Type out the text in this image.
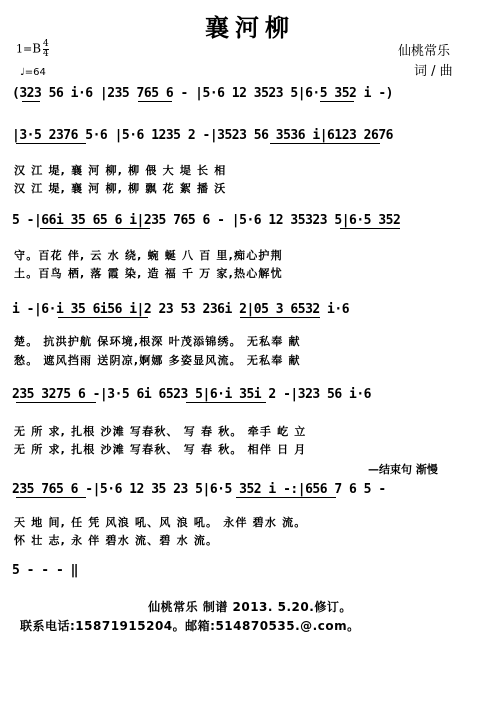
襄河柳
$1=B \frac{4}{4}$
♩=64
仙桃常乐
词 / 曲
(323 56 i·6 |235 765 6 - |5·6 12 3523 5|6·5 352 i -)
|3·5 2376 5·6 |5·6 1235 2 -|3523 56 3536 i|6123 2676
汉 江 堤, 襄 河 柳, 柳 偎 大 堤 长 相
汉 江 堤, 襄 河 柳, 柳 飘 花 絮 播 沃
5 -|66i 35 65 6 i|235 765 6 - |5·6 12 35323 5|6·5 352
守。百花 伴, 云 水 绕, 蜿 蜒 八 百 里,痴心护荆
土。百鸟 栖, 落 霞 染, 造 福 千 万 家,热心解忧
i -|6·i 35 6i56 i|2 23 53 236i 2|05 3 6532 i·6
楚。 抗洪护航 保环境,根深 叶茂添锦绣。 无私奉 献
愁。 遮风挡雨 送阴凉,婀娜 多姿显风流。 无私奉 献
235 3275 6 -|3·5 6i 6523 5|6·i 35i 2 -|323 56 i·6
无 所 求, 扎根 沙滩 写春秋、 写 春 秋。 牵手 屹 立
无 所 求, 扎根 沙滩 写春秋、 写 春 秋。 相伴 日 月
—结束句 渐慢
235 765 6 -|5·6 12 35 23 5|6·5 352 i -:|656 7 6 5 -
天 地 间, 任 凭 风浪 吼、风 浪 吼。 永伴 碧水 流。
怀 壮 志, 永 伴 碧水 流、碧 水 流。
5 - - - ‖
仙桃常乐 制谱 2013. 5.20.修订。
联系电话:15871915204。邮箱:514870535.@.com。
